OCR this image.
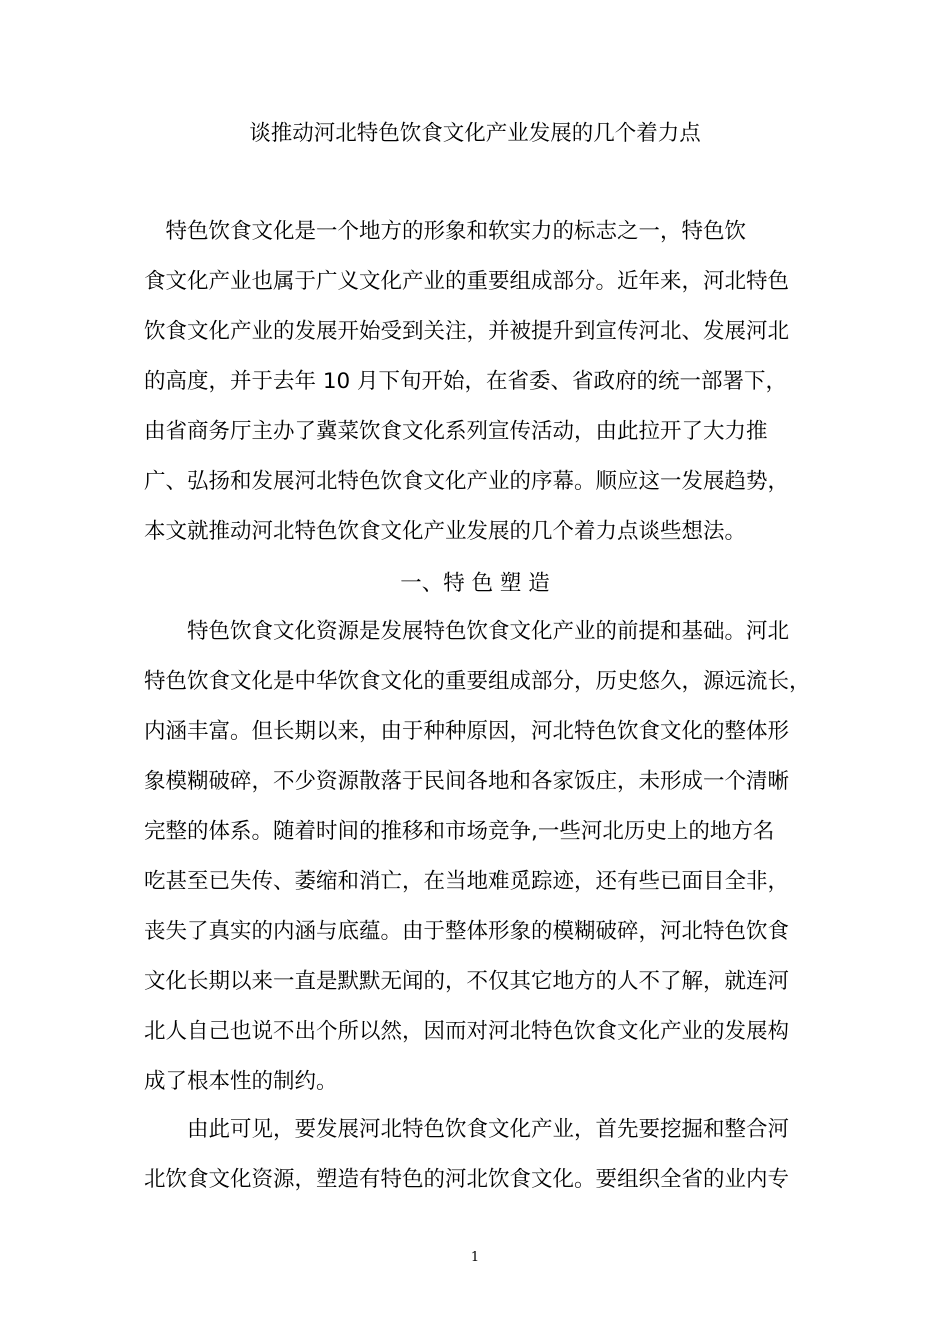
谈推动河北特色饮食文化产业发展的几个着力点
　特色饮食文化是一个地方的形象和软实力的标志之一，特色饮
食文化产业也属于广义文化产业的重要组成部分。近年来，河北特色
饮食文化产业的发展开始受到关注，并被提升到宣传河北、发展河北
的高度，并于去年 10 月下旬开始，在省委、省政府的统一部署下，
由省商务厅主办了冀菜饮食文化系列宣传活动，由此拉开了大力推
广、弘扬和发展河北特色饮食文化产业的序幕。顺应这一发展趋势，
本文就推动河北特色饮食文化产业发展的几个着力点谈些想法。
一、特 色 塑 造
　　特色饮食文化资源是发展特色饮食文化产业的前提和基础。河北
特色饮食文化是中华饮食文化的重要组成部分，历史悠久，源远流长，
内涵丰富。但长期以来，由于种种原因，河北特色饮食文化的整体形
象模糊破碎，不少资源散落于民间各地和各家饭庄，未形成一个清晰
完整的体系。随着时间的推移和市场竞争,一些河北历史上的地方名
吃甚至已失传、萎缩和消亡，在当地难觅踪迹，还有些已面目全非，
丧失了真实的内涵与底蕴。由于整体形象的模糊破碎，河北特色饮食
文化长期以来一直是默默无闻的，不仅其它地方的人不了解，就连河
北人自己也说不出个所以然，因而对河北特色饮食文化产业的发展构
成了根本性的制约。
　　由此可见，要发展河北特色饮食文化产业，首先要挖掘和整合河
北饮食文化资源，塑造有特色的河北饮食文化。要组织全省的业内专
1
